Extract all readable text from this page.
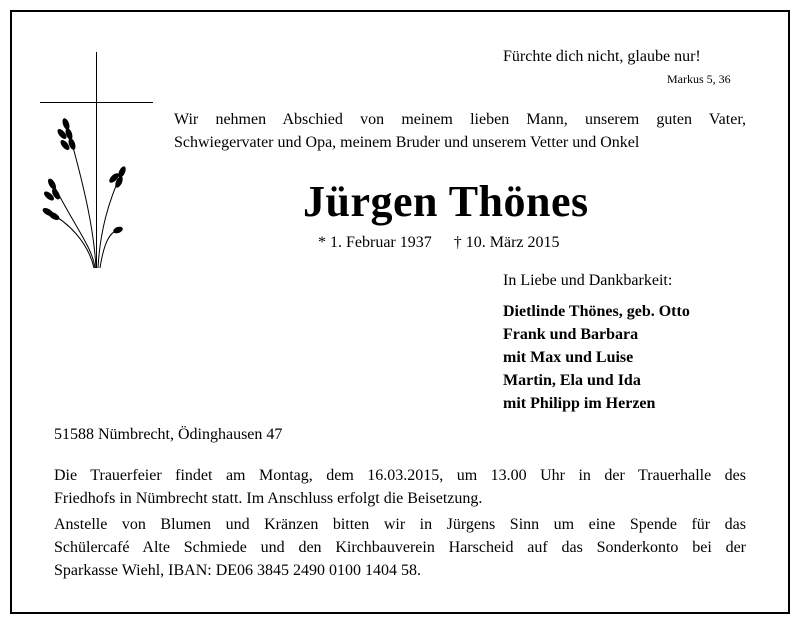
Fürchte dich nicht, glaube nur!
Markus 5, 36
Wir nehmen Abschied von meinem lieben Mann, unserem guten Vater,
Schwiegervater und Opa, meinem Bruder und unserem Vetter und Onkel
Jürgen Thönes
* 1. Februar 1937 † 10. März 2015
In Liebe und Dankbarkeit:
Dietlinde Thönes, geb. Otto
Frank und Barbara
mit Max und Luise
Martin, Ela und Ida
mit Philipp im Herzen
51588 Nümbrecht, Ödinghausen 47
Die Trauerfeier findet am Montag, dem 16.03.2015, um 13.00 Uhr in der Trauerhalle des
Friedhofs in Nümbrecht statt. Im Anschluss erfolgt die Beisetzung.
Anstelle von Blumen und Kränzen bitten wir in Jürgens Sinn um eine Spende für das
Schülercafé Alte Schmiede und den Kirchbauverein Harscheid auf das Sonderkonto bei der
Sparkasse Wiehl, IBAN: DE06 3845 2490 0100 1404 58.
